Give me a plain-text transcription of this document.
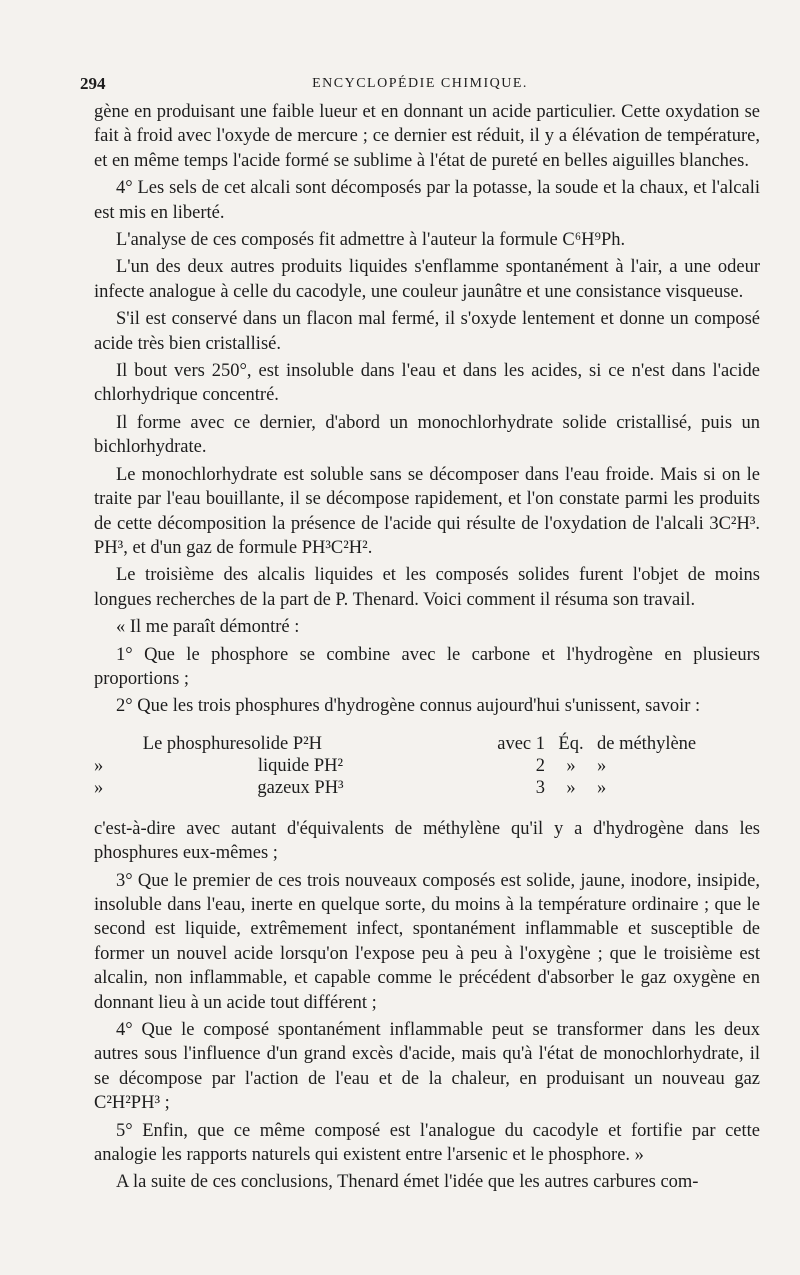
294	ENCYCLOPÉDIE CHIMIQUE.

gène en produisant une faible lueur et en donnant un acide particulier. Cette oxydation se fait à froid avec l'oxyde de mercure ; ce dernier est réduit, il y a élévation de température, et en même temps l'acide formé se sublime à l'état de pureté en belles aiguilles blanches.

4° Les sels de cet alcali sont décomposés par la potasse, la soude et la chaux, et l'alcali est mis en liberté.

L'analyse de ces composés fit admettre à l'auteur la formule C⁶H⁹Ph.

L'un des deux autres produits liquides s'enflamme spontanément à l'air, a une odeur infecte analogue à celle du cacodyle, une couleur jaunâtre et une consistance visqueuse.

S'il est conservé dans un flacon mal fermé, il s'oxyde lentement et donne un composé acide très bien cristallisé.

Il bout vers 250°, est insoluble dans l'eau et dans les acides, si ce n'est dans l'acide chlorhydrique concentré.

Il forme avec ce dernier, d'abord un monochlorhydrate solide cristallisé, puis un bichlorhydrate.

Le monochlorhydrate est soluble sans se décomposer dans l'eau froide. Mais si on le traite par l'eau bouillante, il se décompose rapidement, et l'on constate parmi les produits de cette décomposition la présence de l'acide qui résulte de l'oxydation de l'alcali 3C²H³. PH³, et d'un gaz de formule PH³C²H².

Le troisième des alcalis liquides et les composés solides furent l'objet de moins longues recherches de la part de P. Thenard. Voici comment il résuma son travail.

« Il me paraît démontré :

1° Que le phosphore se combine avec le carbone et l'hydrogène en plusieurs proportions ;

2° Que les trois phosphures d'hydrogène connus aujourd'hui s'unissent, savoir :

Le phosphure solide P²H	avec 1 Éq. de méthylène
»	liquide PH²	2	»	»
»	gazeux PH³	3	»	»

c'est-à-dire avec autant d'équivalents de méthylène qu'il y a d'hydrogène dans les phosphures eux-mêmes ;

3° Que le premier de ces trois nouveaux composés est solide, jaune, inodore, insipide, insoluble dans l'eau, inerte en quelque sorte, du moins à la température ordinaire ; que le second est liquide, extrêmement infect, spontanément inflammable et susceptible de former un nouvel acide lorsqu'on l'expose peu à peu à l'oxygène ; que le troisième est alcalin, non inflammable, et capable comme le précédent d'absorber le gaz oxygène en donnant lieu à un acide tout différent ;

4° Que le composé spontanément inflammable peut se transformer dans les deux autres sous l'influence d'un grand excès d'acide, mais qu'à l'état de monochlorhydrate, il se décompose par l'action de l'eau et de la chaleur, en produisant un nouveau gaz C²H²PH³ ;

5° Enfin, que ce même composé est l'analogue du cacodyle et fortifie par cette analogie les rapports naturels qui existent entre l'arsenic et le phosphore. »

A la suite de ces conclusions, Thenard émet l'idée que les autres carbures com-
